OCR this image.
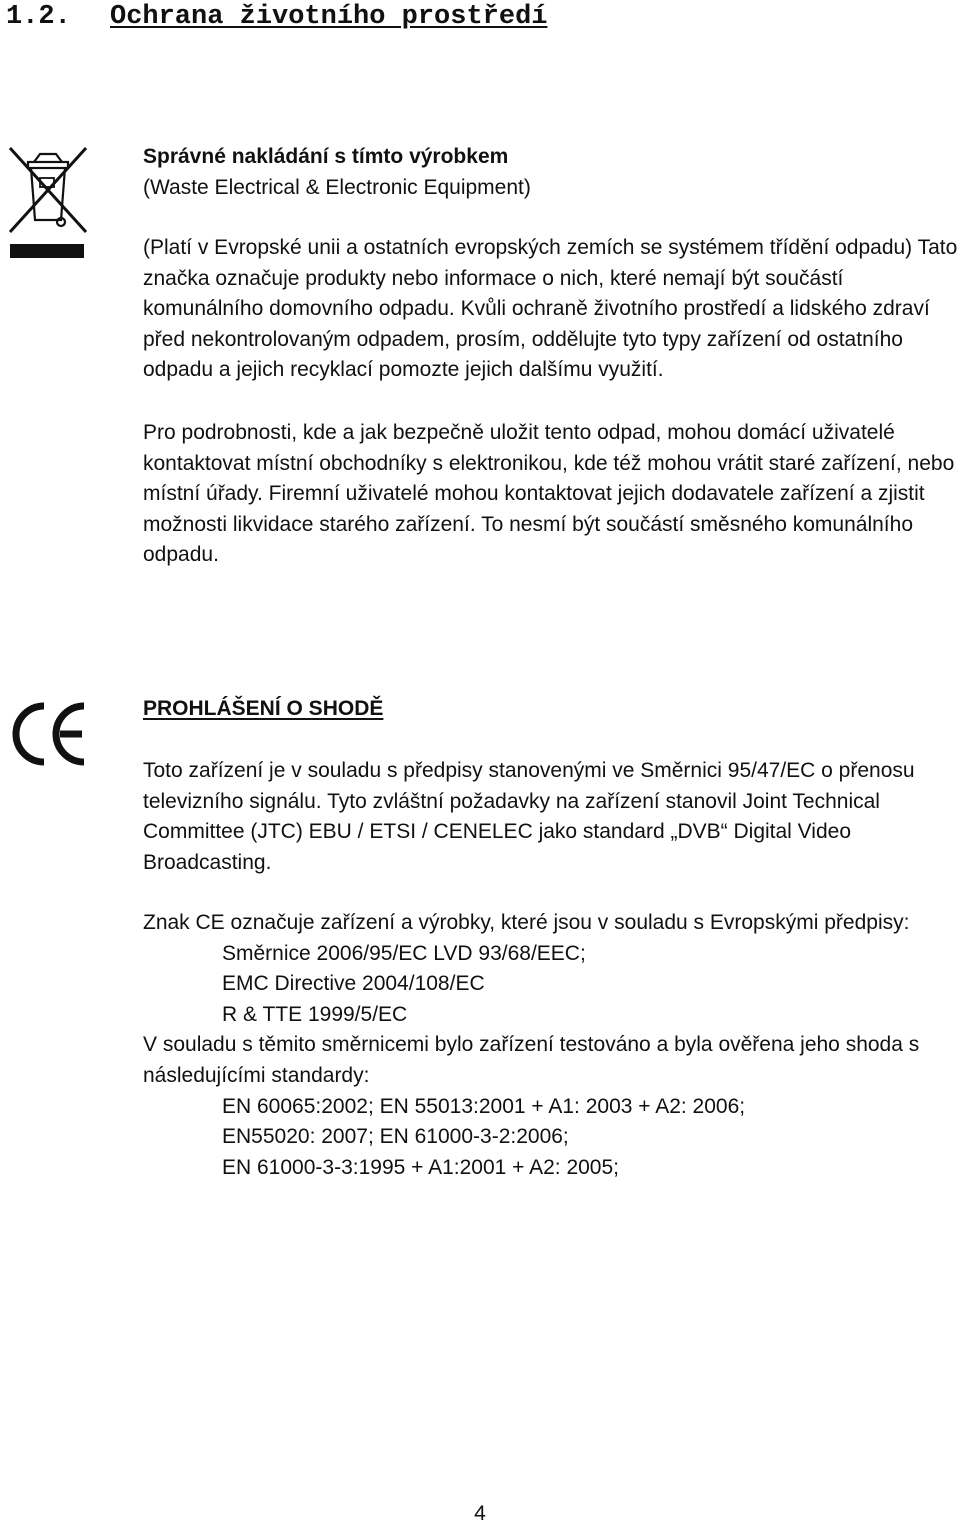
1.2. Ochrana životního prostředí

Správné nakládání s tímto výrobkem

(Waste Electrical & Electronic Equipment)

(Platí v Evropské unii a ostatních evropských zemích se systémem třídění odpadu) Tato značka označuje produkty nebo informace o nich, které nemají být součástí komunálního domovního odpadu. Kvůli ochraně životního prostředí a lidského zdraví před nekontrolovaným odpadem, prosím, oddělujte tyto typy zařízení od ostatního odpadu a jejich recyklací pomozte jejich dalšímu využití.

Pro podrobnosti, kde a jak bezpečně uložit tento odpad, mohou domácí uživatelé kontaktovat místní obchodníky s elektronikou, kde též mohou vrátit staré zařízení, nebo místní úřady. Firemní uživatelé mohou kontaktovat jejich dodavatele zařízení a zjistit možnosti likvidace starého zařízení. To nesmí být součástí směsného komunálního odpadu.

PROHLÁŠENÍ O SHODĚ

Toto zařízení je v souladu s předpisy stanovenými ve Směrnici 95/47/EC o přenosu televizního signálu. Tyto zvláštní požadavky na zařízení stanovil Joint Technical Committee (JTC) EBU / ETSI / CENELEC jako standard „DVB“ Digital Video Broadcasting.

Znak CE označuje zařízení a výrobky, které jsou v souladu s Evropskými předpisy:

Směrnice 2006/95/EC LVD 93/68/EEC;

EMC Directive 2004/108/EC

R & TTE 1999/5/EC

V souladu s těmito směrnicemi bylo zařízení testováno a byla ověřena jeho shoda s následujícími standardy:

EN 60065:2002; EN 55013:2001 + A1: 2003 + A2: 2006;

EN55020: 2007; EN 61000-3-2:2006;

EN 61000-3-3:1995 + A1:2001 + A2: 2005;

4
